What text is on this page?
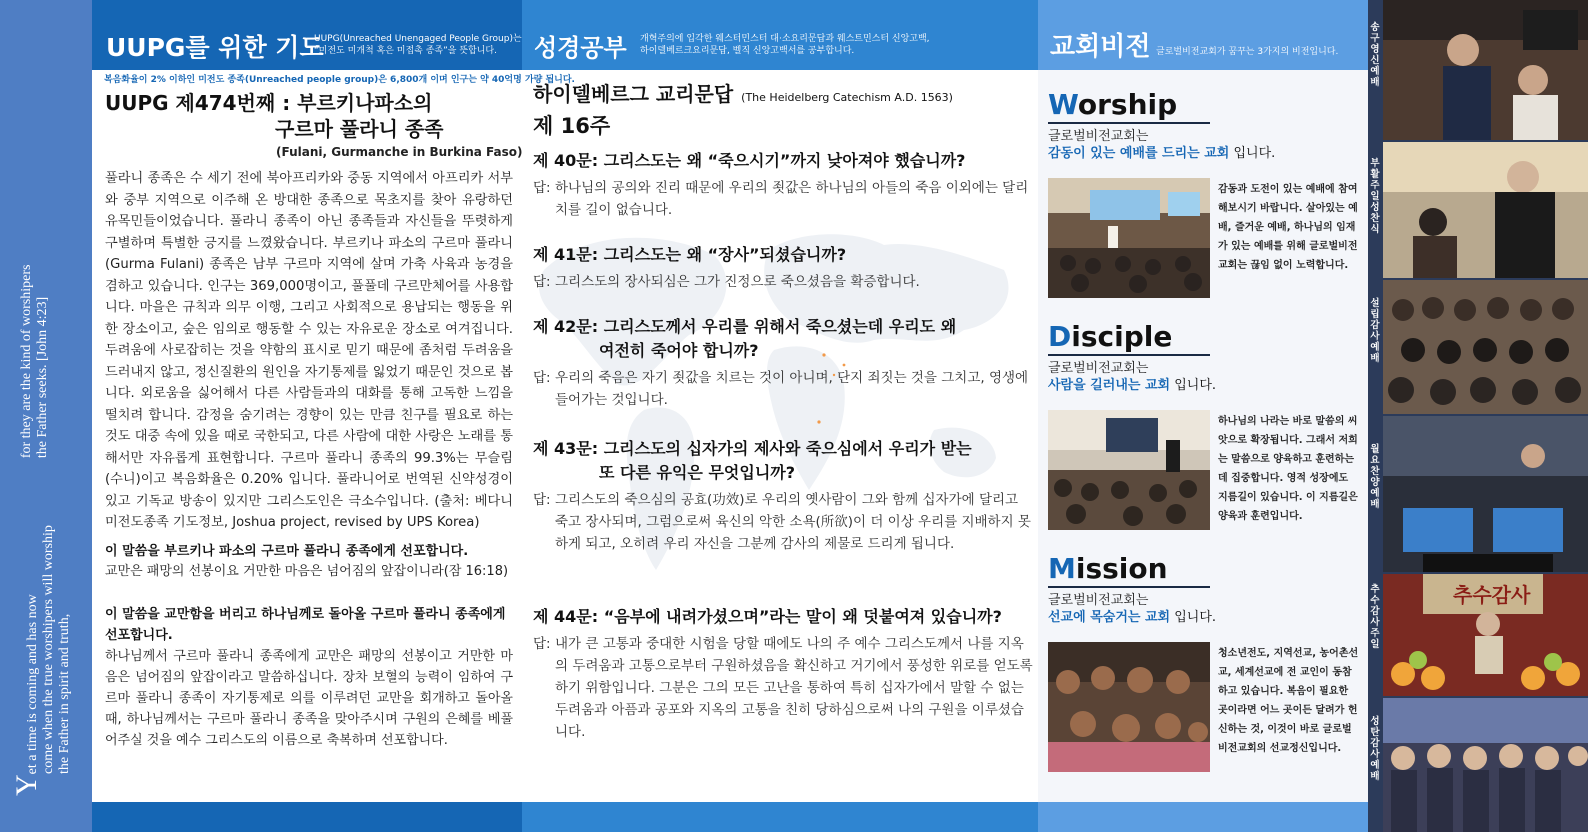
Yet a time is coming and has now come when the true worshipers will worship the Father in spirit and truth,

for they are the kind of worshipers the Father seeks. [John 4:23]
UUPG를 위한 기도
UUPG(Unreached Unengaged People Group)는
“미전도 미개척 혹은 미접촉 종족”을 뜻합니다. 성경공부 개혁주의에 입각한 웨스터민스터 대·소요리문답과 웨스트민스터 신앙고백,
하이델베르크요리문답, 벨직 신앙고백서를 공부합니다.	교회비전 글로벌비전교회가 꿈꾸는 3가지의 비전입니다.
복음화율이 2% 이하인 미전도 종족(Unreached people group)은 6,800개 이며 인구는 약 40억명 가량 됩니다.
UUPG 제474번째 : 부르키나파소의
구르마 풀라니 종족
(Fulani, Gurmanche in Burkina Faso)
풀라니 종족은 수 세기 전에 북아프리카와 중동 지역에서 아프리카 서부와 중부 지역으로 이주해 온 방대한 종족으로 목초지를 찾아 유랑하던 유목민들이었습니다. 풀라니 종족이 아닌 종족들과 자신들을 뚜렷하게 구별하며 특별한 긍지를 느꼈왔습니다. 부르키나 파소의 구르마 풀라니(Gurma Fulani) 종족은 남부 구르마 지역에 살며 가축 사육과 농경을 겸하고 있습니다. 인구는 369,000명이고, 풀풀데 구르만체어를 사용합니다. 마을은 규칙과 의무 이행, 그리고 사회적으로 용납되는 행동을 위한 장소이고, 숲은 임의로 행동할 수 있는 자유로운 장소로 여겨집니다. 두려움에 사로잡히는 것을 약함의 표시로 믿기 때문에 좀처럼 두려움을 드러내지 않고, 정신질환의 원인을 자기통제를 잃었기 때문인 것으로 봅니다. 외로움을 싫어해서 다른 사람들과의 대화를 통해 고독한 느낌을 떨치려 합니다. 감정을 숨기려는 경향이 있는 만큼 친구를 필요로 하는 것도 대중 속에 있을 때로 국한되고, 다른 사람에 대한 사랑은 노래를 통해서만 자유롭게 표현합니다. 구르마 풀라니 종족의 99.3%는 무슬림(수니)이고 복음화율은 0.20% 입니다. 풀라니어로 번역된 신약성경이 있고 기독교 방송이 있지만 그리스도인은 극소수입니다. (출처: 베다니 미전도종족 기도정보, Joshua project, revised by UPS Korea)
이 말씀을 부르키나 파소의 구르마 풀라니 종족에게 선포합니다.
교만은 패망의 선봉이요 거만한 마음은 넘어짐의 앞잡이니라(잠 16:18)
이 말씀을 교만함을 버리고 하나님께로 돌아올 구르마 풀라니 종족에게 선포합니다.
하나님께서 구르마 풀라니 종족에게 교만은 패망의 선봉이고 거만한 마음은 넘어짐의 앞잡이라고 말씀하십니다. 장차 보혈의 능력이 임하여 구르마 풀라니 종족이 자기통제로 의를 이루려던 교만을 회개하고 돌아올 때, 하나님께서는 구르마 풀라니 종족을 맞아주시며 구원의 은혜를 베풀어주실 것을 예수 그리스도의 이름으로 축복하며 선포합니다.
하이델베르그 교리문답 (The Heidelberg Catechism A.D. 1563)
제 16주
제 40문: 그리스도는 왜 “죽으시기”까지 낮아져야 했습니까?
답: 하나님의 공의와 진리 때문에 우리의 죗값은 하나님의 아들의 죽음 이외에는 달리 치를 길이 없습니다.
제 41문: 그리스도는 왜 “장사”되셨습니까?
답: 그리스도의 장사되심은 그가 진정으로 죽으셨음을 확증합니다.
제 42문: 그리스도께서 우리를 위해서 죽으셨는데 우리도 왜
여전히 죽어야 합니까?
답: 우리의 죽음은 자기 죗값을 치르는 것이 아니며, 단지 죄짓는 것을 그치고, 영생에 들어가는 것입니다.
제 43문: 그리스도의 십자가의 제사와 죽으심에서 우리가 받는
또 다른 유익은 무엇입니까?
답: 그리스도의 죽으심의 공효(功效)로 우리의 옛사람이 그와 함께 십자가에 달리고 죽고 장사되며, 그럼으로써 육신의 악한 소욕(所欲)이 더 이상 우리를 지배하지 못하게 되고, 오히려 우리 자신을 그분께 감사의 제물로 드리게 됩니다.
제 44문: “음부에 내려가셨으며”라는 말이 왜 덧붙여져 있습니까?
답: 내가 큰 고통과 중대한 시험을 당할 때에도 나의 주 예수 그리스도께서 나를 지옥의 두려움과 고통으로부터 구원하셨음을 확신하고 거기에서 풍성한 위로를 얻도록 하기 위함입니다. 그분은 그의 모든 고난을 통하여 특히 십자가에서 말할 수 없는 두려움과 아픔과 공포와 지옥의 고통을 친히 당하심으로써 나의 구원을 이루셨습니다.
Worship
글로벌비전교회는
감동이 있는 예배를 드리는 교회 입니다.
감동과 도전이 있는 예배에 참여해보시기 바랍니다. 살아있는 예배, 즐거운 예배, 하나님의 임재가 있는 예배를 위해 글로벌비전교회는 끊임 없이 노력합니다.
Disciple
글로벌비전교회는
사람을 길러내는 교회 입니다.
하나님의 나라는 바로 말씀의 씨앗으로 확장됩니다. 그래서 저희는 말씀으로 양육하고 훈련하는데 집중합니다. 영적 성장에도 지름길이 있습니다. 이 지름길은 양육과 훈련입니다.
Mission
글로벌비전교회는
선교에 목숨거는 교회 입니다.
청소년전도, 지역선교, 농어촌선교, 세계선교에 전 교인이 동참하고 있습니다. 복음이 필요한 곳이라면 어느 곳이든 달려가 헌신하는 것, 이것이 바로 글로벌비전교회의 선교정신입니다.
송구영신예배
부활주일 성찬식
설립감사예배
월요찬양예배
추수감사주일
추수감사
성탄감사예배
